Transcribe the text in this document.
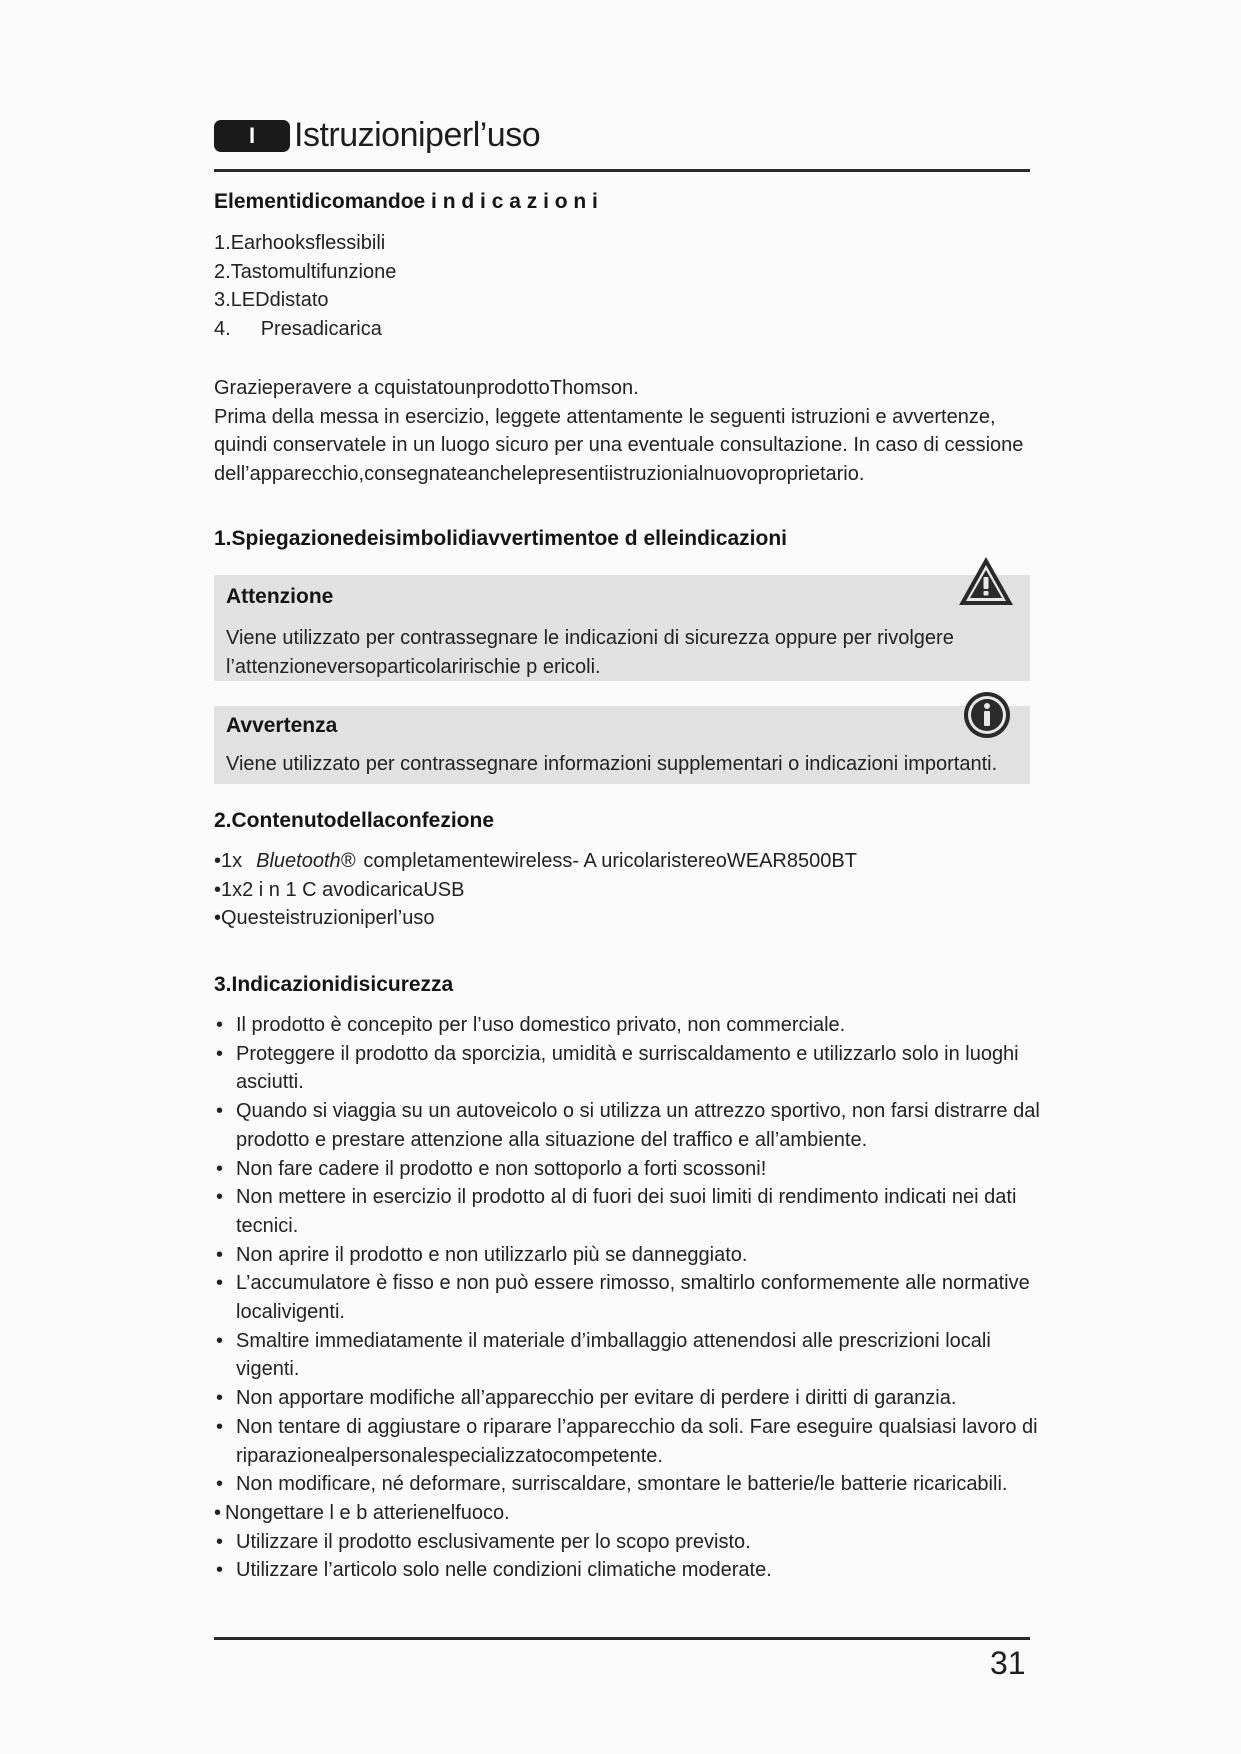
I	Istruzioniperl’uso
Elementidicomandoe i n d i c a z i o n i
1.Earhooksflessibili
2.Tastomultifunzione
3.LEDdistato
4. Presadicarica
Grazieperavere a cquistatounprodottoThomson.
Prima della messa in esercizio, leggete attentamente le seguenti istruzioni e avvertenze,
quindi conservatele in un luogo sicuro per una eventuale consultazione. In caso di cessione
dell’apparecchio,consegnateanchelepresentiistruzionialnuovoproprietario.
1.Spiegazionedeisimbolidiavvertimentoe d elleindicazioni
Attenzione
Viene utilizzato per contrassegnare le indicazioni di sicurezza oppure per rivolgere
l’attenzioneversoparticolaririschie p ericoli.
Avvertenza
Viene utilizzato per contrassegnare informazioni supplementari o indicazioni importanti.
2.Contenutodellaconfezione
•1x Bluetooth® completamentewireless- A uricolaristereoWEAR8500BT
•1x2 i n 1 C avodicaricaUSB
•Questeistruzioniperl’uso
3.Indicazionidisicurezza
• Il prodotto è concepito per l’uso domestico privato, non commerciale.
• Proteggere il prodotto da sporcizia, umidità e surriscaldamento e utilizzarlo solo in luoghi
asciutti.
• Quando si viaggia su un autoveicolo o si utilizza un attrezzo sportivo, non farsi distrarre dal
prodotto e prestare attenzione alla situazione del traffico e all’ambiente.
• Non fare cadere il prodotto e non sottoporlo a forti scossoni!
• Non mettere in esercizio il prodotto al di fuori dei suoi limiti di rendimento indicati nei dati
tecnici.
• Non aprire il prodotto e non utilizzarlo più se danneggiato.
• L’accumulatore è fisso e non può essere rimosso, smaltirlo conformemente alle normative
localivigenti.
• Smaltire immediatamente il materiale d’imballaggio attenendosi alle prescrizioni locali
vigenti.
• Non apportare modifiche all’apparecchio per evitare di perdere i diritti di garanzia.
• Non tentare di aggiustare o riparare l’apparecchio da soli. Fare eseguire qualsiasi lavoro di
riparazionealpersonalespecializzatocompetente.
• Non modificare, né deformare, surriscaldare, smontare le batterie/le batterie ricaricabili.
• Nongettare l e b atterienelfuoco.
• Utilizzare il prodotto esclusivamente per lo scopo previsto.
• Utilizzare l’articolo solo nelle condizioni climatiche moderate.
31
